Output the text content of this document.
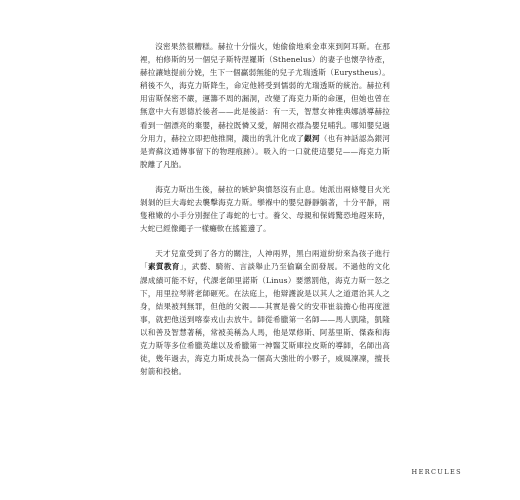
沒密果然很糟糕。赫拉十分惱火，她偷偷地乘金車來到阿耳斯。在那裡，柏修斯的另一個兒子斯特涅羅斯（Sthenelus）的妻子也懷孕待產，赫拉讓她提前分娩，生下一個贏弱無能的兒子尤瑞透斯（Eurystheus）。稍後不久，海克力斯降生，命定他將受到懦弱的尤瑞透斯的統治。赫拉利用宙斯保密不嚴，運籌不周的漏洞，改變了海克力斯的命運，但她也曾在無意中大有恩德於後者——此是後話：有一天，智慧女神雅典娜誘導赫拉看到一個漂亮的棄嬰，赫拉既憐又愛，解開衣襟為嬰兒哺乳。哪知嬰兒過分用力，赫拉立即把他推開，濺出的乳汁化成了銀河（也有神話認為銀河是齊蘇汶通傳事留下的物理痕跡）。吸入的一口就使這嬰兒——海克力斯脫離了凡胎。

海克力斯出生後，赫拉的嫉妒與憤怒沒有止息。她派出兩條雙目火光剝剝的巨大毒蛇去襲擊海克力斯。孿褓中的嬰兒靜靜躺著，十分平靜，兩隻稚嫩的小手分別握住了毒蛇的七寸。養父、母親和保姆驚恐地趕來時，大蛇已經像繩子一樣癱軟在搖籃邊了。

天才兒童受到了各方的關注，人神兩界，黑白兩道紛紛來為孩子進行「素質教育」，武藝、騎術、言談舉止乃至偷竊全面發展。不過他的文化課成績可能不好，代課老師里諾斯（Linus）要懲罰他，海克力斯一怒之下，用里拉琴將老師砸死。在法庭上，他辯護說是以其人之道還治其人之身，結果被判無罪，但他的父親——其實是養父的安菲崔翁擔心他再度滋事，就把他送到喀泰戎山去放牛。師從希臘第一名師——馬人凱隆，凱隆以和善及智慧著稱，常被美稱為人馬，他是眾修斯、阿基里斯、傑森和海克力斯等多位希臘英雄以及希臘第一神醫艾斯庫拉皮斯的導師，名師出高徒，幾年過去，海克力斯成長為一個高大強壯的小夥子，威風凜凜，擅長射箭和投槍。

HERCULES
